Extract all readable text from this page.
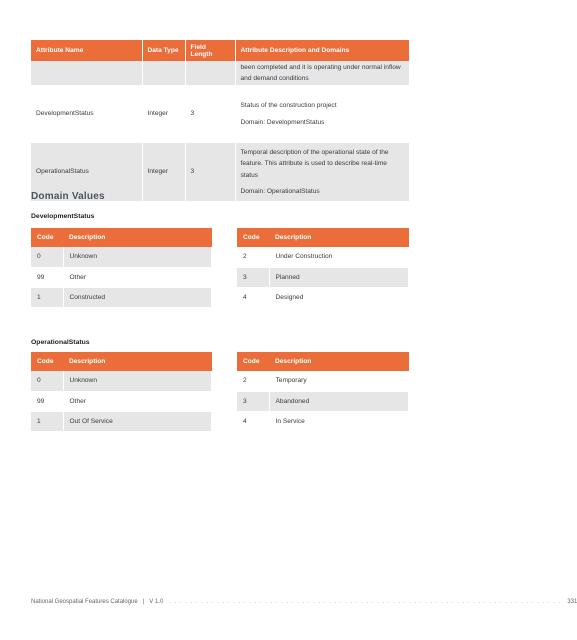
Attribute Name	Data Type	Field Length	Attribute Description and Domains
			been completed and it is operating under normal inflow and demand conditions
DevelopmentStatus	Integer	3	Status of the construction project
Domain: DevelopmentStatus

OperationalStatus	Integer	3	Temporal description of the operational state of the feature. This attribute is used to describe real-time status
Domain: OperationalStatus
Domain Values
DevelopmentStatus
Code	Description
0	Unknown
99	Other
1	Constructed
Code	Description
2	Under Construction
3	Planned
4	Designed
OperationalStatus
Code	Description
0	Unknown
99	Other
1	Out Of Service
Code	Description
2	Temporary
3	Abandoned
4	In Service
National Geospatial Features Catalogue | V 1.0 . . . . . . . . . . . . . . . . . . . . . . . . . . . . . . . . . . . . . . . . . . . . . . . . . . . . . . . . . . . . . . . . . . . . . . . . . . 331
